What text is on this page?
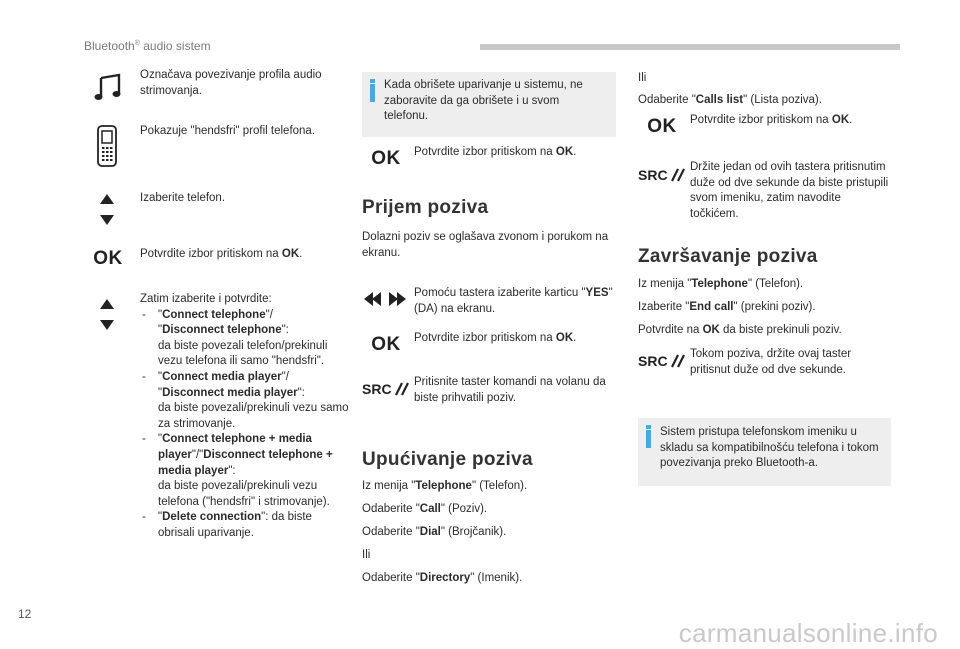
Bluetooth® audio sistem
Označava povezivanje profila audio strimovanja.
Pokazuje "hendsfri" profil telefona.
Izaberite telefon.
OK	Potvrdite izbor pritiskom na OK.
Zatim izaberite i potvrdite:
- "Connect telephone"/
"Disconnect telephone":
da biste povezali telefon/prekinuli vezu telefona ili samo "hendsfri".
- "Connect media player"/
"Disconnect media player":
da biste povezali/prekinuli vezu samo za strimovanje.
- "Connect telephone + media player"/"Disconnect telephone + media player":
da biste povezali/prekinuli vezu telefona ("hendsfri" i strimovanje).
- "Delete connection": da biste obrisali uparivanje.
Kada obrišete uparivanje u sistemu, ne zaboravite da ga obrišete i u svom telefonu.
OK	Potvrdite izbor pritiskom na OK.
Prijem poziva
Dolazni poziv se oglašava zvonom i porukom na ekranu.
Pomoću tastera izaberite karticu "YES" (DA) na ekranu.
OK	Potvrdite izbor pritiskom na OK.
SRC Pritisnite taster komandi na volanu da biste prihvatili poziv.
Upućivanje poziva
Iz menija "Telephone" (Telefon).
Odaberite "Call" (Poziv).
Odaberite "Dial" (Brojčanik).
Ili
Odaberite "Directory" (Imenik).
Ili
Odaberite "Calls list" (Lista poziva).
OK	Potvrdite izbor pritiskom na OK.
SRC Držite jedan od ovih tastera pritisnutim duže od dve sekunde da biste pristupili svom imeniku, zatim navodite točkićem.
Završavanje poziva
Iz menija "Telephone" (Telefon).
Izaberite "End call" (prekini poziv).
Potvrdite na OK da biste prekinuli poziv.
SRC Tokom poziva, držite ovaj taster pritisnut duže od dve sekunde.
Sistem pristupa telefonskom imeniku u skladu sa kompatibilnošću telefona i tokom povezivanja preko Bluetooth-a.
12
carmanualsonline.info
